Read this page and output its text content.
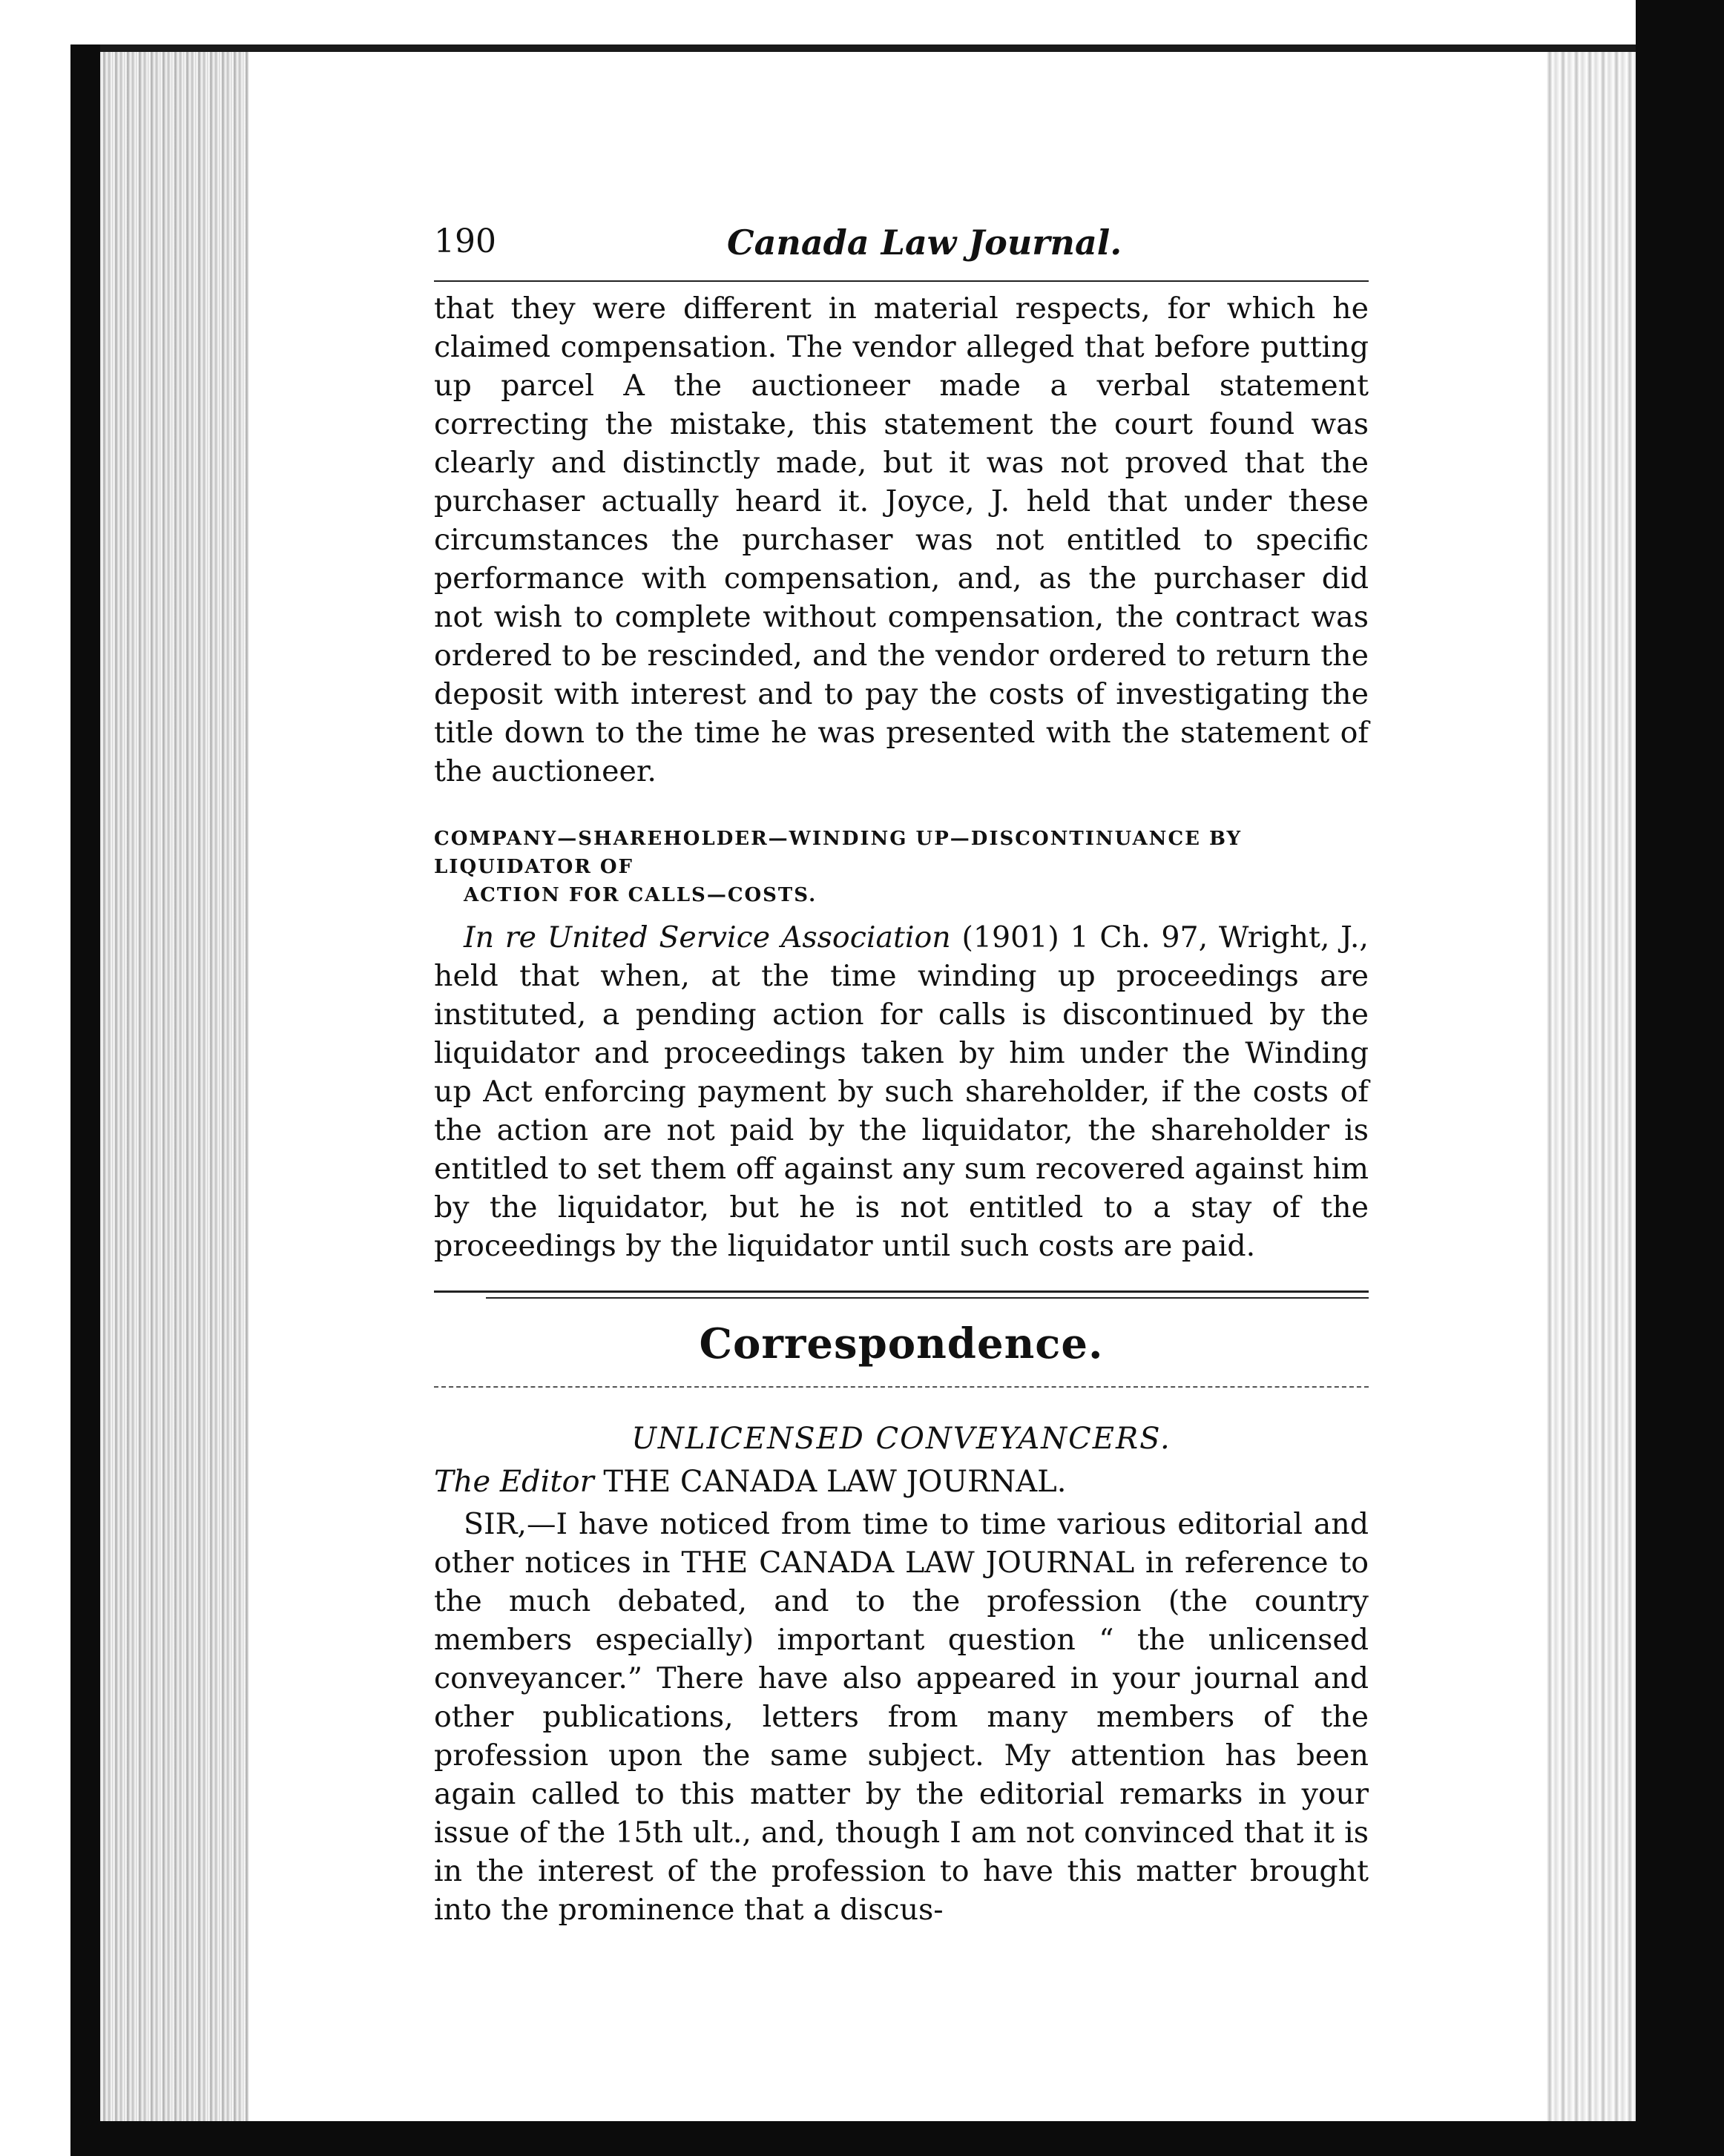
190	Canada Law Journal.

that they were different in material respects, for which he claimed compensation. The vendor alleged that before putting up parcel A the auctioneer made a verbal statement correcting the mistake, this statement the court found was clearly and distinctly made, but it was not proved that the purchaser actually heard it. Joyce, J. held that under these circumstances the purchaser was not entitled to specific performance with compensation, and, as the purchaser did not wish to complete without compensation, the contract was ordered to be rescinded, and the vendor ordered to return the deposit with interest and to pay the costs of investigating the title down to the time he was presented with the statement of the auctioneer.

COMPANY—SHAREHOLDER—WINDING UP—DISCONTINUANCE BY LIQUIDATOR OF

ACTION FOR CALLS—COSTS.

In re United Service Association (1901) 1 Ch. 97, Wright, J., held that when, at the time winding up proceedings are instituted, a pending action for calls is discontinued by the liquidator and proceedings taken by him under the Winding up Act enforcing payment by such shareholder, if the costs of the action are not paid by the liquidator, the shareholder is entitled to set them off against any sum recovered against him by the liquidator, but he is not entitled to a stay of the proceedings by the liquidator until such costs are paid.

Correspondence.

UNLICENSED CONVEYANCERS.

The Editor THE CANADA LAW JOURNAL.

SIR,—I have noticed from time to time various editorial and other notices in THE CANADA LAW JOURNAL in reference to the much debated, and to the profession (the country members especially) important question “ the unlicensed conveyancer.” There have also appeared in your journal and other publications, letters from many members of the profession upon the same subject. My attention has been again called to this matter by the editorial remarks in your issue of the 15th ult., and, though I am not convinced that it is in the interest of the profession to have this matter brought into the prominence that a discus-
